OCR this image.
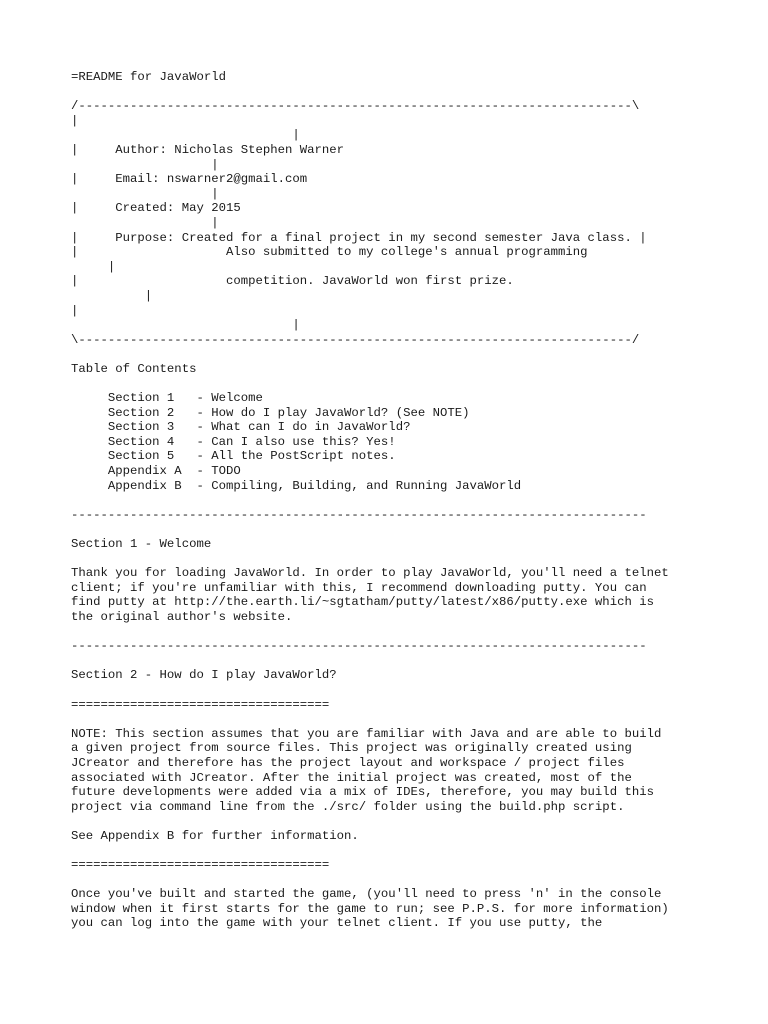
=README for JavaWorld
/---------------------------------------------------------------------------\
|
|
|     Author: Nicholas Stephen Warner
|
|     Email: nswarner2@gmail.com
|
|     Created: May 2015
|
|     Purpose: Created for a final project in my second semester Java class. |
|                    Also submitted to my college's annual programming
|
|                    competition. JavaWorld won first prize.
|
|
|
\---------------------------------------------------------------------------/
Table of Contents
Section 1   - Welcome
Section 2   - How do I play JavaWorld? (See NOTE)
Section 3   - What can I do in JavaWorld?
Section 4   - Can I also use this? Yes!
Section 5   - All the PostScript notes.
Appendix A  - TODO
Appendix B  - Compiling, Building, and Running JavaWorld
------------------------------------------------------------------------------
Section 1 - Welcome
Thank you for loading JavaWorld. In order to play JavaWorld, you'll need a telnet
client; if you're unfamiliar with this, I recommend downloading putty. You can
find putty at http://the.earth.li/~sgtatham/putty/latest/x86/putty.exe which is
the original author's website.
------------------------------------------------------------------------------
Section 2 - How do I play JavaWorld?
===================================
NOTE: This section assumes that you are familiar with Java and are able to build
a given project from source files. This project was originally created using
JCreator and therefore has the project layout and workspace / project files
associated with JCreator. After the initial project was created, most of the
future developments were added via a mix of IDEs, therefore, you may build this
project via command line from the ./src/ folder using the build.php script.
See Appendix B for further information.
===================================
Once you've built and started the game, (you'll need to press 'n' in the console
window when it first starts for the game to run; see P.P.S. for more information)
you can log into the game with your telnet client. If you use putty, the
